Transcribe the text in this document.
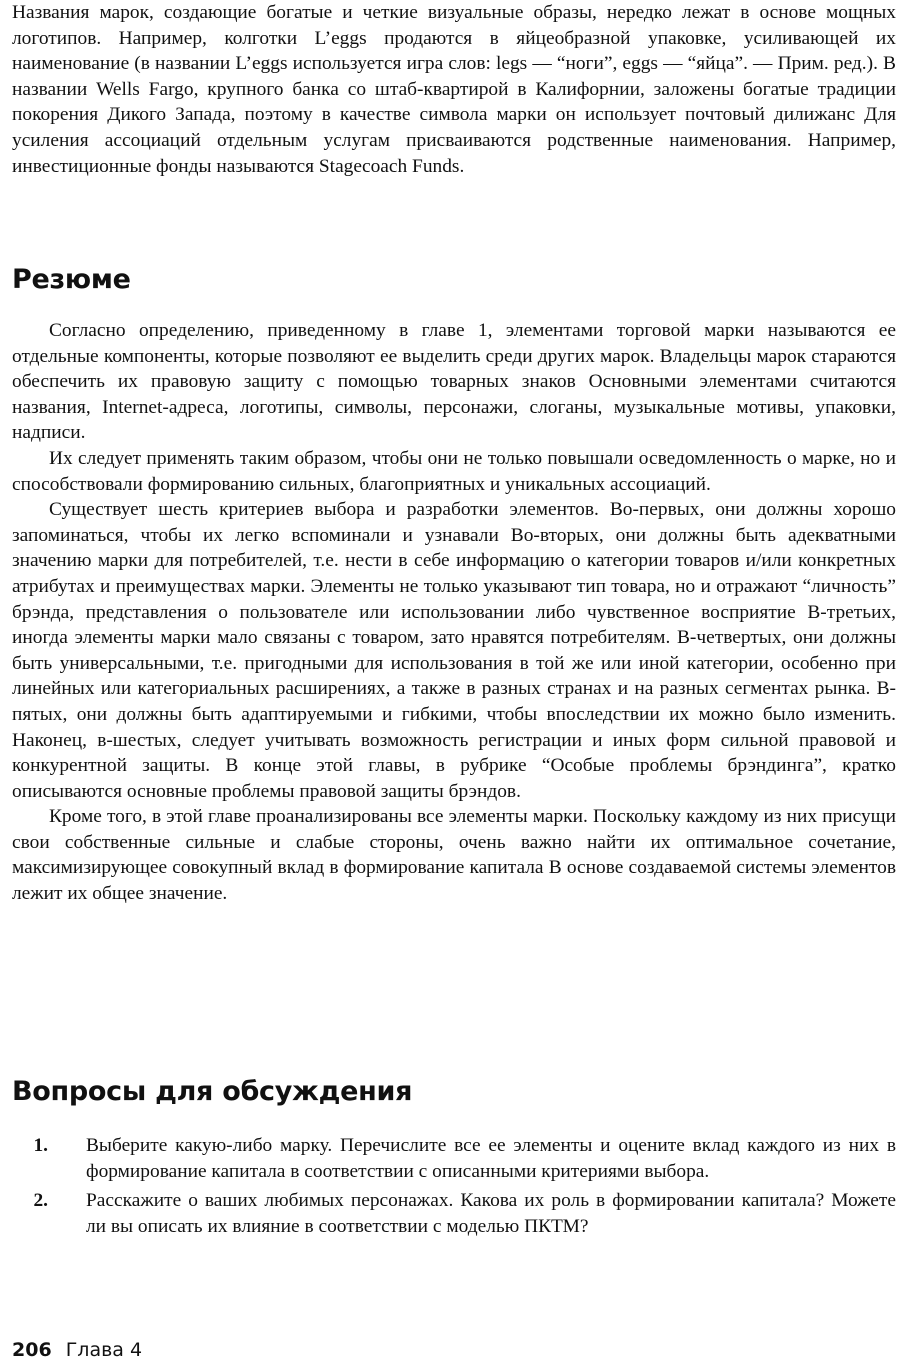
Названия марок, создающие богатые и четкие визуальные образы, нередко лежат в основе мощных логотипов. Например, колготки L’eggs продаются в яйцеобразной упаковке, усиливающей их наименование (в названии L’eggs используется игра слов: legs — “ноги”, eggs — “яйца”. — Прим. ред.). В названии Wells Fargo, крупного банка со штаб-квартирой в Калифорнии, заложены богатые традиции покорения Дикого Запада, поэтому в качестве символа марки он использует почтовый дилижанс Для усиления ассоциаций отдельным услугам присваиваются родственные наименования. Например, инвестиционные фонды называются Stagecoach Funds.

Резюме

Согласно определению, приведенному в главе 1, элементами торговой марки называются ее отдельные компоненты, которые позволяют ее выделить среди других марок. Владельцы марок стараются обеспечить их правовую защиту с помощью товарных знаков Основными элементами считаются названия, Internet-адреса, логотипы, символы, персонажи, слоганы, музыкальные мотивы, упаковки, надписи.

Их следует применять таким образом, чтобы они не только повышали осведомленность о марке, но и способствовали формированию сильных, благоприятных и уникальных ассоциаций.

Существует шесть критериев выбора и разработки элементов. Во-первых, они должны хорошо запоминаться, чтобы их легко вспоминали и узнавали Во-вторых, они должны быть адекватными значению марки для потребителей, т.е. нести в себе информацию о категории товаров и/или конкретных атрибутах и преимуществах марки. Элементы не только указывают тип товара, но и отражают “личность” брэнда, представления о пользователе или использовании либо чувственное восприятие В-третьих, иногда элементы марки мало связаны с товаром, зато нравятся потребителям. В-четвертых, они должны быть универсальными, т.е. пригодными для использования в той же или иной категории, особенно при линейных или категориальных расширениях, а также в разных странах и на разных сегментах рынка. В-пятых, они должны быть адаптируемыми и гибкими, чтобы впоследствии их можно было изменить. Наконец, в-шестых, следует учитывать возможность регистрации и иных форм сильной правовой и конкурентной защиты. В конце этой главы, в рубрике “Особые проблемы брэндинга”, кратко описываются основные проблемы правовой защиты брэндов.

Кроме того, в этой главе проанализированы все элементы марки. Поскольку каждому из них присущи свои собственные сильные и слабые стороны, очень важно найти их оптимальное сочетание, максимизирующее совокупный вклад в формирование капитала В основе создаваемой системы элементов лежит их общее значение.

Вопросы для обсуждения
1.	Выберите какую-либо марку. Перечислите все ее элементы и оцените вклад каждого из них в формирование капитала в соответствии с описанными критериями выбора.

2.	Расскажите о ваших любимых персонажах. Какова их роль в формировании капитала? Можете ли вы описать их влияние в соответствии с моделью ПКТМ?

206 Глава 4
